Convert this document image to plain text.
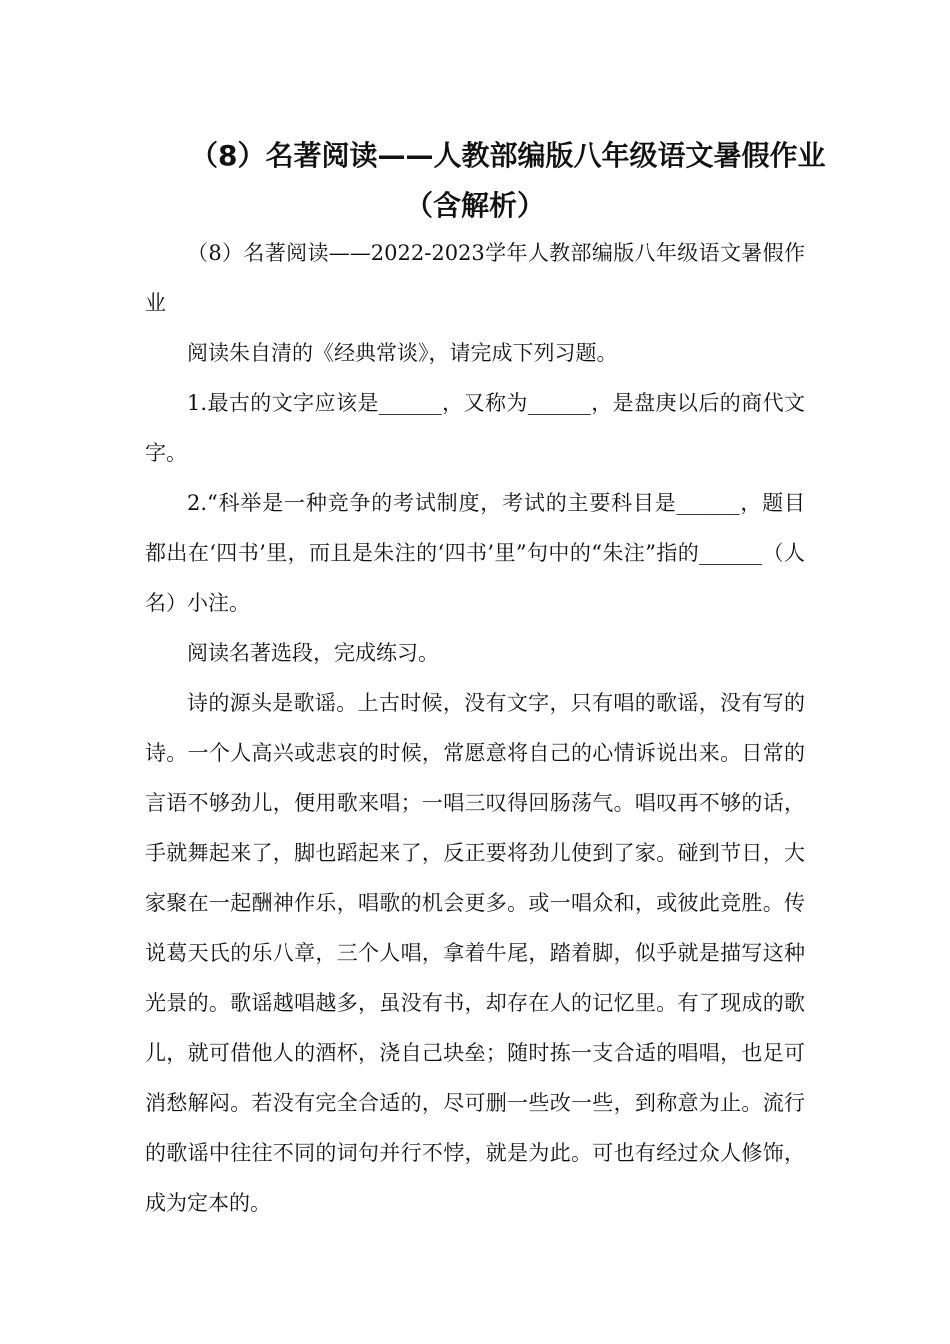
（8）名著阅读——人教部编版八年级语文暑假作业
（含解析）

（8）名著阅读——2022-2023学年人教部编版八年级语文暑假作业

阅读朱自清的《经典常谈》，请完成下列习题。

1.最古的文字应该是______，又称为______，是盘庚以后的商代文字。

2.“科举是一种竞争的考试制度，考试的主要科目是______，题目都出在‘四书’里，而且是朱注的‘四书’里”句中的“朱注”指的______（人名）小注。

阅读名著选段，完成练习。

诗的源头是歌谣。上古时候，没有文字，只有唱的歌谣，没有写的诗。一个人高兴或悲哀的时候，常愿意将自己的心情诉说出来。日常的言语不够劲儿，便用歌来唱；一唱三叹得回肠荡气。唱叹再不够的话，手就舞起来了，脚也蹈起来了，反正要将劲儿使到了家。碰到节日，大家聚在一起酬神作乐，唱歌的机会更多。或一唱众和，或彼此竞胜。传说葛天氏的乐八章，三个人唱，拿着牛尾，踏着脚，似乎就是描写这种光景的。歌谣越唱越多，虽没有书，却存在人的记忆里。有了现成的歌儿，就可借他人的酒杯，浇自己块垒；随时拣一支合适的唱唱，也足可消愁解闷。若没有完全合适的，尽可删一些改一些，到称意为止。流行的歌谣中往往不同的词句并行不悖，就是为此。可也有经过众人修饰，成为定本的。
